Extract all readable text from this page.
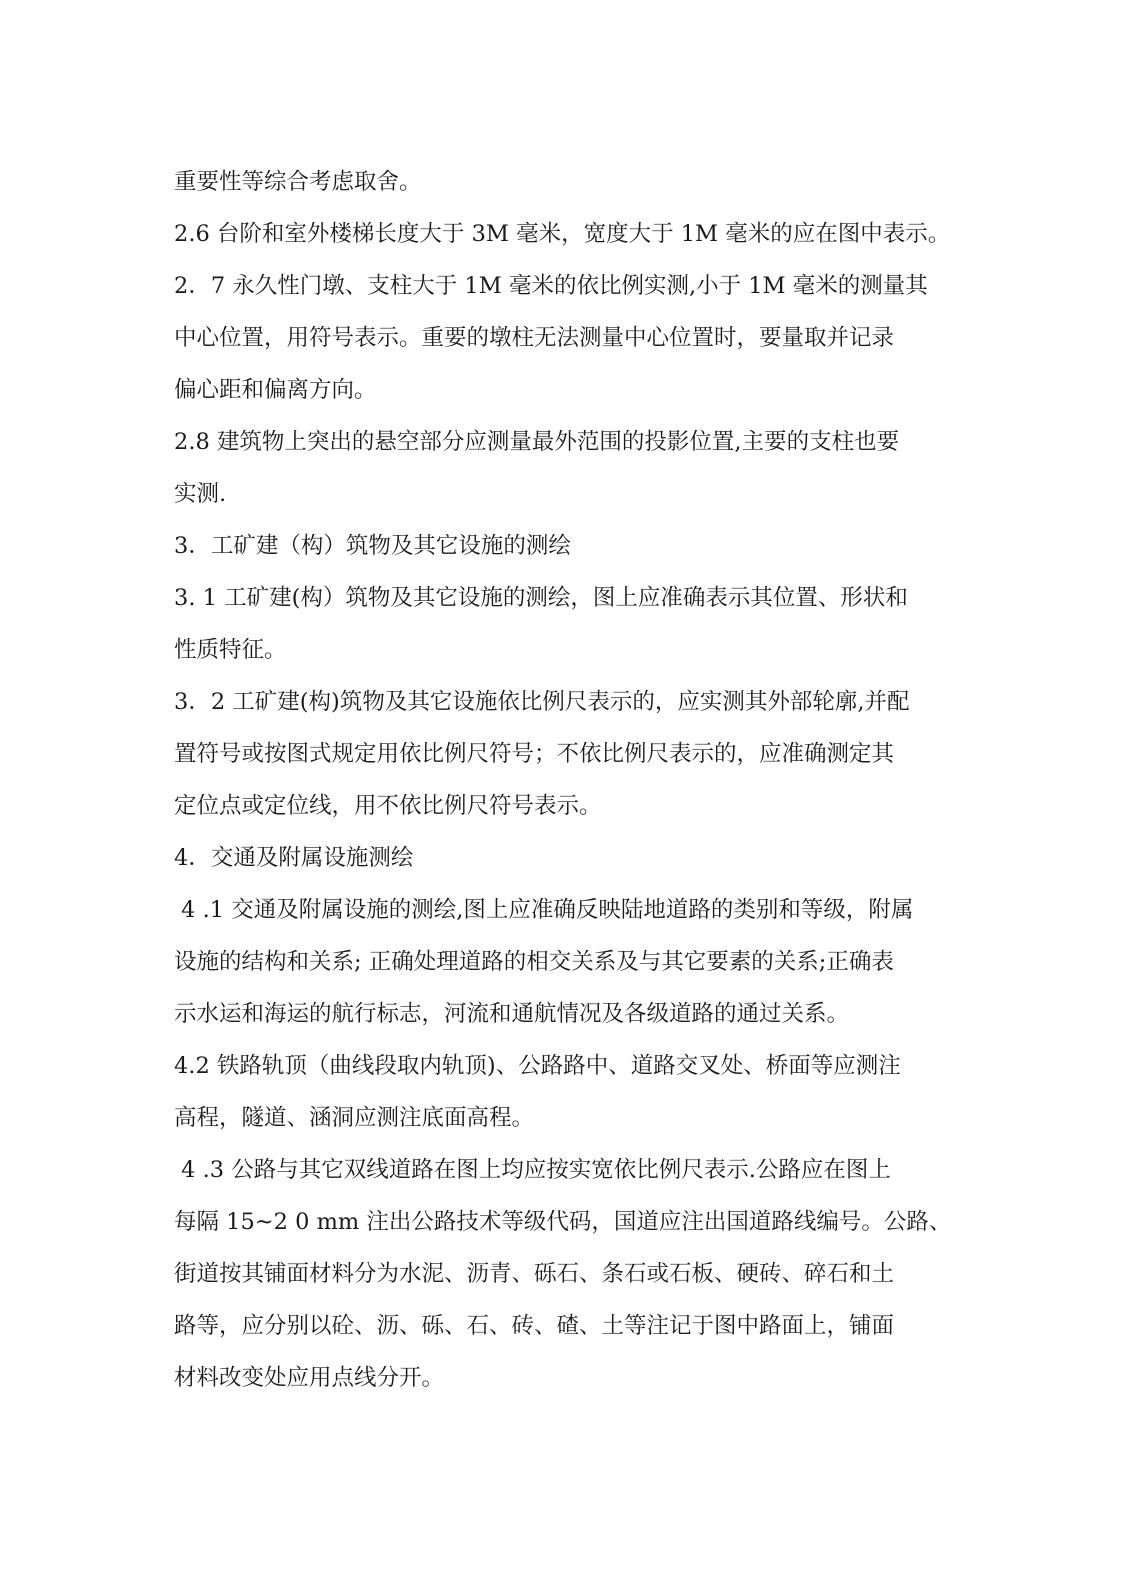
重要性等综合考虑取舍。
2.6 台阶和室外楼梯长度大于 3M 毫米，宽度大于 1M 毫米的应在图中表示。
2．7 永久性门墩、支柱大于 1M 毫米的依比例实测,小于 1M 毫米的测量其
中心位置，用符号表示。重要的墩柱无法测量中心位置时，要量取并记录
偏心距和偏离方向。
2.8 建筑物上突出的悬空部分应测量最外范围的投影位置,主要的支柱也要
实测.
3．工矿建（构）筑物及其它设施的测绘
3. 1 工矿建(构）筑物及其它设施的测绘，图上应准确表示其位置、形状和
性质特征。
3．2 工矿建(构)筑物及其它设施依比例尺表示的，应实测其外部轮廓,并配
置符号或按图式规定用依比例尺符号；不依比例尺表示的，应准确测定其
定位点或定位线，用不依比例尺符号表示。
4．交通及附属设施测绘
4 .1 交通及附属设施的测绘,图上应准确反映陆地道路的类别和等级，附属
设施的结构和关系; 正确处理道路的相交关系及与其它要素的关系;正确表
示水运和海运的航行标志，河流和通航情况及各级道路的通过关系。
4.2 铁路轨顶（曲线段取内轨顶)、公路路中、道路交叉处、桥面等应测注
高程，隧道、涵洞应测注底面高程。
4 .3 公路与其它双线道路在图上均应按实宽依比例尺表示.公路应在图上
每隔 15~2 0 mm 注出公路技术等级代码，国道应注出国道路线编号。公路、
街道按其铺面材料分为水泥、沥青、砾石、条石或石板、硬砖、碎石和土
路等，应分别以砼、沥、砾、石、砖、碴、土等注记于图中路面上，铺面
材料改变处应用点线分开。
